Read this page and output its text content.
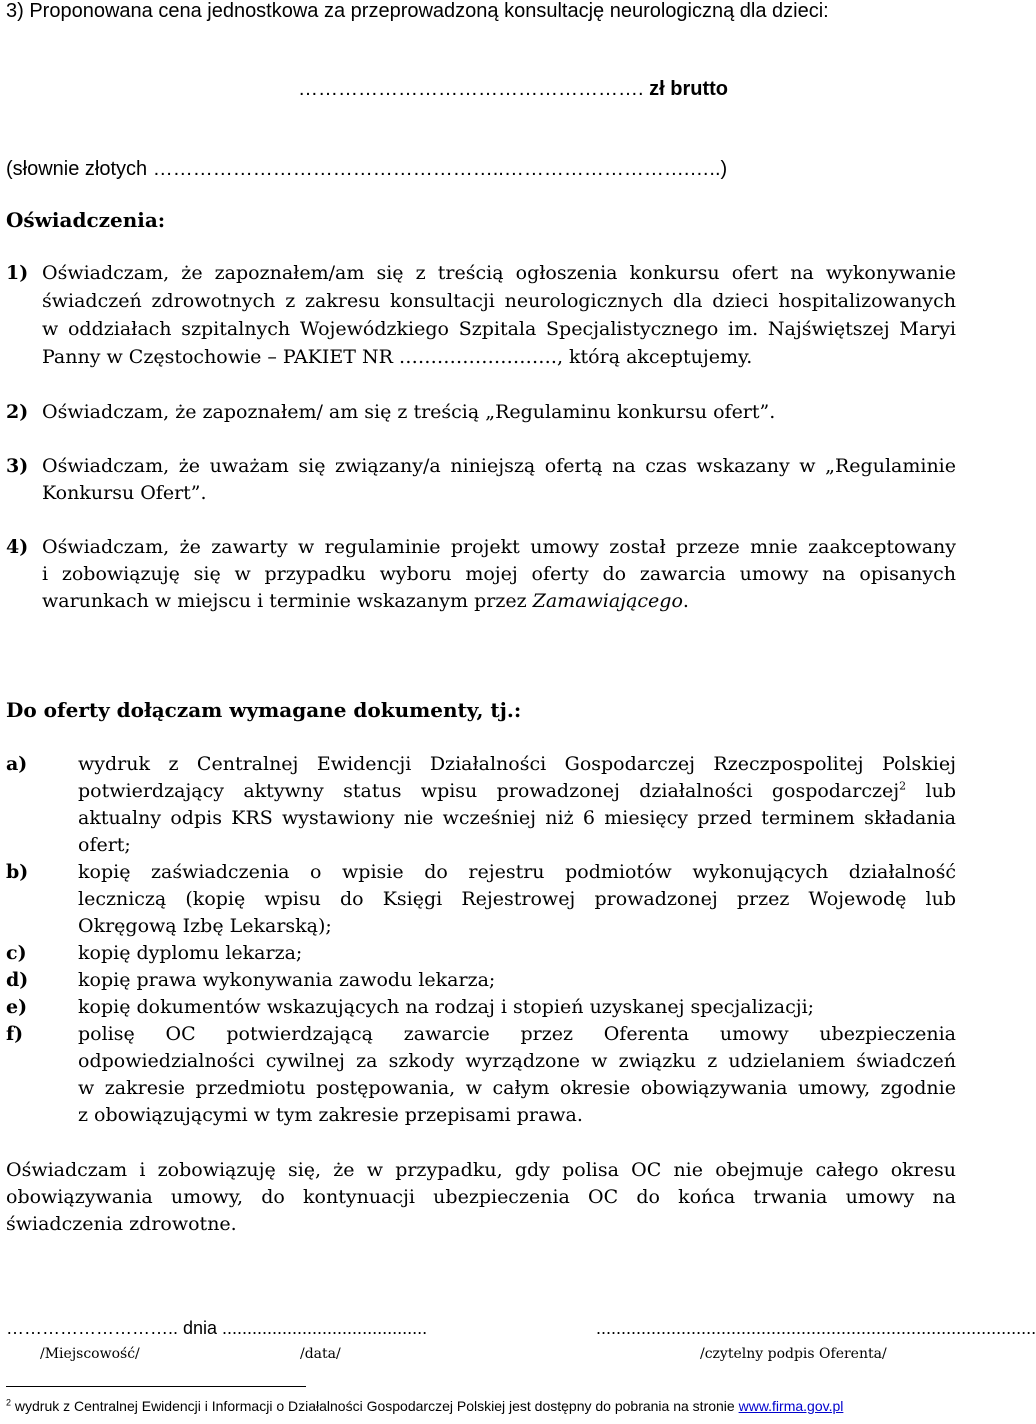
3) Proponowana cena jednostkowa za przeprowadzoną konsultację neurologiczną dla dzieci:
……………………………………………. zł brutto
(słownie złotych ……………………………………………..……………………….…..)
Oświadczenia:
1) Oświadczam, że zapoznałem/am się z treścią ogłoszenia konkursu ofert na wykonywanie
świadczeń zdrowotnych z zakresu konsultacji neurologicznych dla dzieci hospitalizowanych
w oddziałach szpitalnych Wojewódzkiego Szpitala Specjalistycznego im. Najświętszej Maryi
Panny w Częstochowie – PAKIET NR ……………………., którą akceptujemy.
2) Oświadczam, że zapoznałem/ am się z treścią „Regulaminu konkursu ofert”.
3) Oświadczam, że uważam się związany/a niniejszą ofertą na czas wskazany w „Regulaminie
Konkursu Ofert”.
4) Oświadczam, że zawarty w regulaminie projekt umowy został przeze mnie zaakceptowany
i zobowiązuję się w przypadku wyboru mojej oferty do zawarcia umowy na opisanych
warunkach w miejscu i terminie wskazanym przez Zamawiającego.
Do oferty dołączam wymagane dokumenty, tj.:
a)	wydruk z Centralnej Ewidencji Działalności Gospodarczej Rzeczpospolitej Polskiej
potwierdzający aktywny status wpisu prowadzonej działalności gospodarczej$^2$ lub
aktualny odpis KRS wystawiony nie wcześniej niż 6 miesięcy przed terminem składania
ofert;
b)	kopię zaświadczenia o wpisie do rejestru podmiotów wykonujących działalność
leczniczą (kopię wpisu do Księgi Rejestrowej prowadzonej przez Wojewodę lub
Okręgową Izbę Lekarską);
c)	kopię dyplomu lekarza;
d)	kopię prawa wykonywania zawodu lekarza;
e)	kopię dokumentów wskazujących na rodzaj i stopień uzyskanej specjalizacji;
f)	polisę OC potwierdzającą zawarcie przez Oferenta umowy ubezpieczenia
odpowiedzialności cywilnej za szkody wyrządzone w związku z udzielaniem świadczeń
w zakresie przedmiotu postępowania, w całym okresie obowiązywania umowy, zgodnie
z obowiązującymi w tym zakresie przepisami prawa.
Oświadczam i zobowiązuję się, że w przypadku, gdy polisa OC nie obejmuje całego okresu
obowiązywania umowy, do kontynuacji ubezpieczenia OC do końca trwania umowy na
świadczenia zdrowotne.
……………………….. dnia .........................................	........................................................................................
/Miejscowość/	/data/	/czytelny podpis Oferenta/
$^2$ wydruk z Centralnej Ewidencji i Informacji o Działalności Gospodarczej Polskiej jest dostępny do pobrania na stronie www.firma.gov.pl
